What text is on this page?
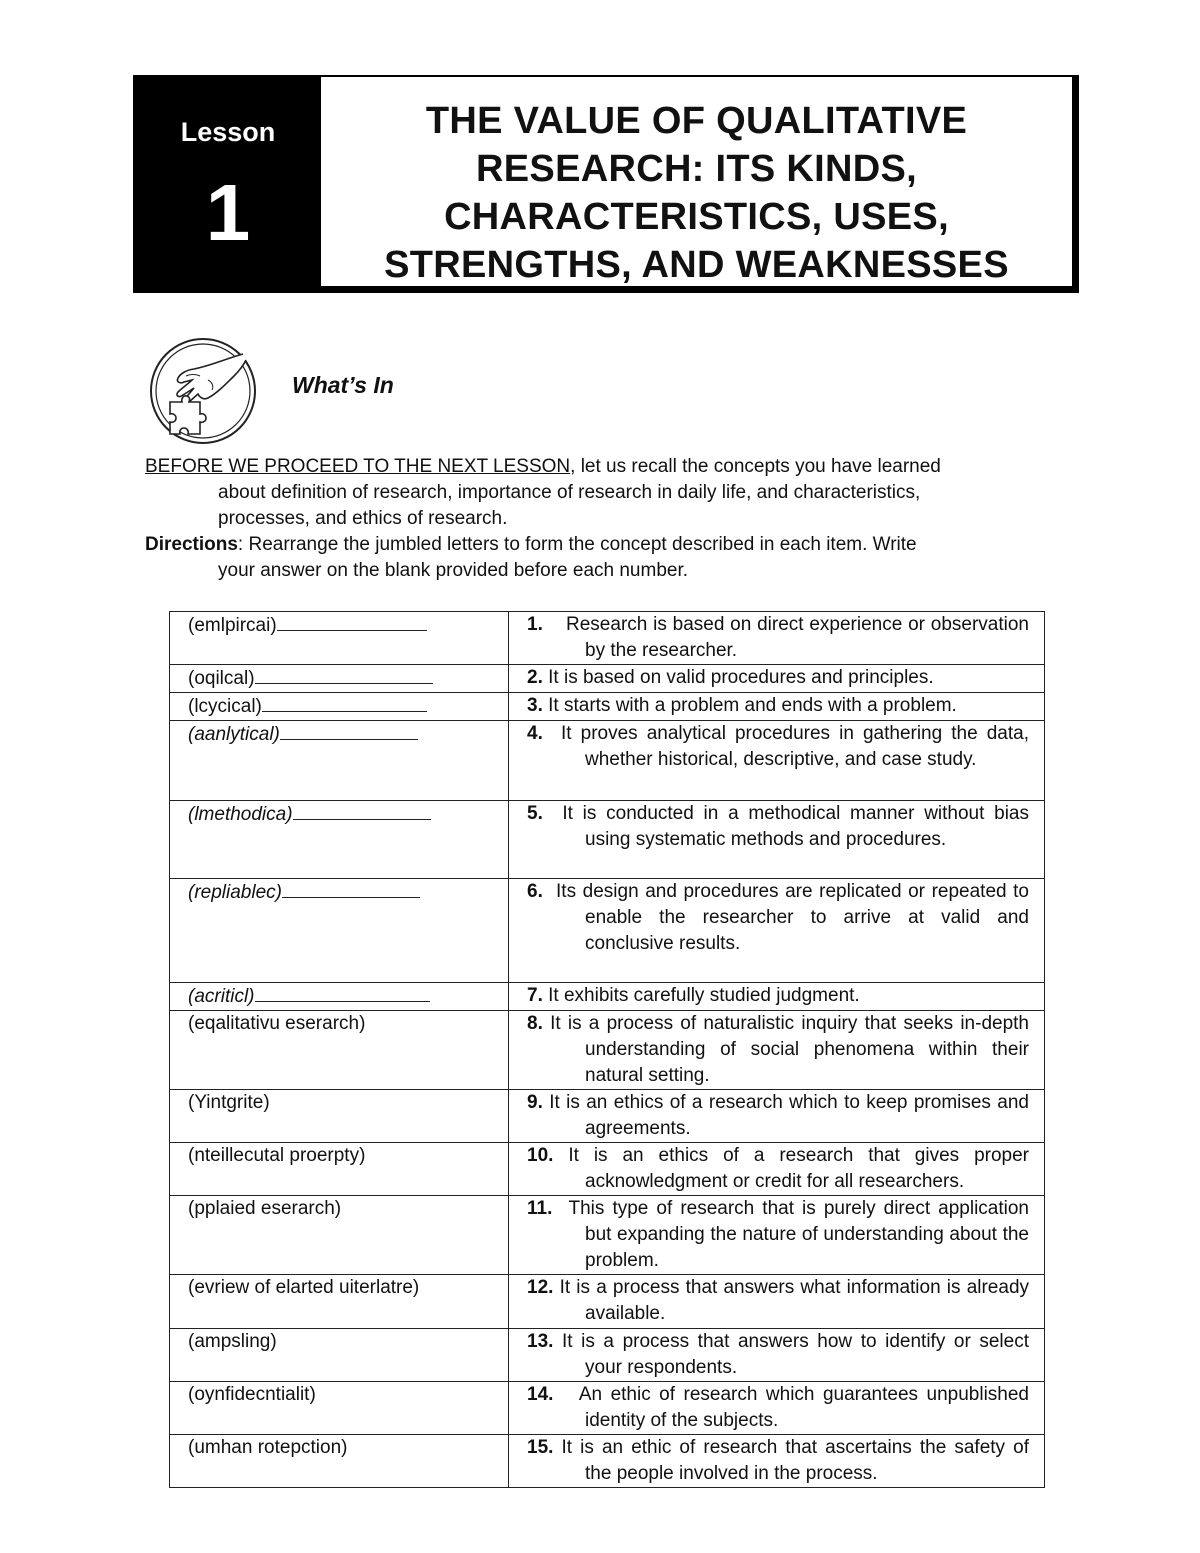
Lesson
1
THE VALUE OF QUALITATIVE
RESEARCH: ITS KINDS,
CHARACTERISTICS, USES,
STRENGTHS, AND WEAKNESSES
What’s In

BEFORE WE PROCEED TO THE NEXT LESSON, let us recall the concepts you have learned
about definition of research, importance of research in daily life, and characteristics,
processes, and ethics of research.

Directions: Rearrange the jumbled letters to form the concept described in each item. Write
your answer on the blank provided before each number.

(emlpircai)	1. Research is based on direct experience or observation by the researcher.

(oqilcal)	2. It is based on valid procedures and principles.

(lcycical)	3. It starts with a problem and ends with a problem.

(aanlytical)	4. It proves analytical procedures in gathering the data, whether historical, descriptive, and case study.

(lmethodica)	5. It is conducted in a methodical manner without bias using systematic methods and procedures.

(repliablec)	6. Its design and procedures are replicated or repeated to enable the researcher to arrive at valid and conclusive results.

(acriticl)	7. It exhibits carefully studied judgment.

(eqalitativu eserarch)	8. It is a process of naturalistic inquiry that seeks in-depth understanding of social phenomena within their natural setting.

(Yintgrite)	9. It is an ethics of a research which to keep promises and agreements.

(nteillecutal proerpty)	10. It is an ethics of a research that gives proper acknowledgment or credit for all researchers.

(pplaied eserarch)	11. This type of research that is purely direct application but expanding the nature of understanding about the problem.

(evriew of elarted uiterlatre)	12. It is a process that answers what information is already available.

(ampsling)	13. It is a process that answers how to identify or select your respondents.

(oynfidecntialit)	14. An ethic of research which guarantees unpublished identity of the subjects.

(umhan rotepction)	15. It is an ethic of research that ascertains the safety of the people involved in the process.
